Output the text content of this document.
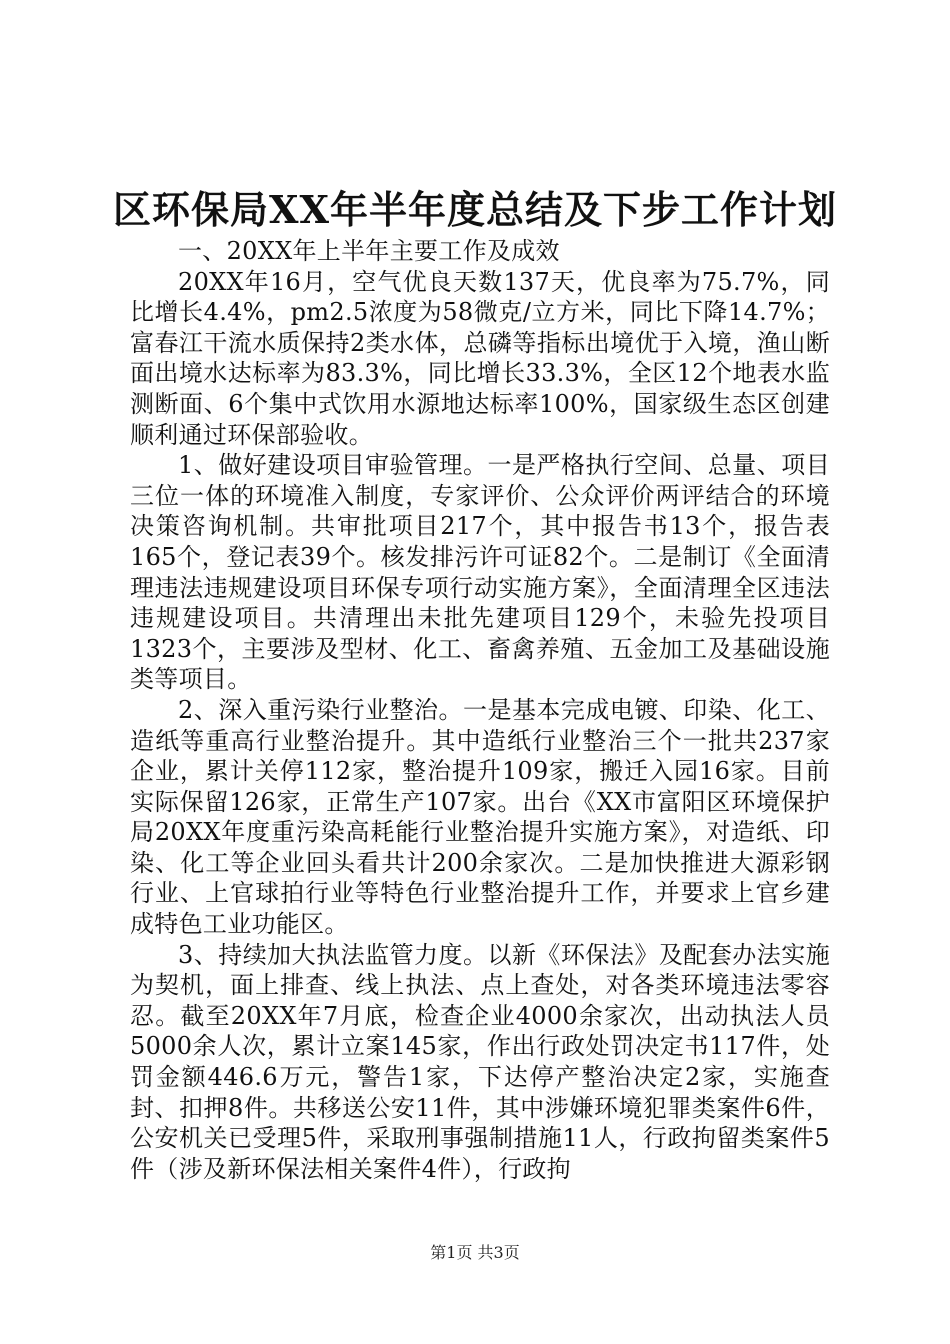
区环保局XX年半年度总结及下步工作计划

一、20XX年上半年主要工作及成效

20XX年16月，空气优良天数137天，优良率为75.7%，同比增长4.4%，pm2.5浓度为58微克/立方米，同比下降14.7%；富春江干流水质保持2类水体，总磷等指标出境优于入境，渔山断面出境水达标率为83.3%，同比增长33.3%，全区12个地表水监测断面、6个集中式饮用水源地达标率100%，国家级生态区创建顺利通过环保部验收。

1、做好建设项目审验管理。一是严格执行空间、总量、项目三位一体的环境准入制度，专家评价、公众评价两评结合的环境决策咨询机制。共审批项目217个，其中报告书13个，报告表165个，登记表39个。核发排污许可证82个。二是制订《全面清理违法违规建设项目环保专项行动实施方案》，全面清理全区违法违规建设项目。共清理出未批先建项目129个，未验先投项目1323个，主要涉及型材、化工、畜禽养殖、五金加工及基础设施类等项目。

2、深入重污染行业整治。一是基本完成电镀、印染、化工、造纸等重高行业整治提升。其中造纸行业整治三个一批共237家企业，累计关停112家，整治提升109家，搬迁入园16家。目前实际保留126家，正常生产107家。出台《XX市富阳区环境保护局20XX年度重污染高耗能行业整治提升实施方案》，对造纸、印染、化工等企业回头看共计200余家次。二是加快推进大源彩钢行业、上官球拍行业等特色行业整治提升工作，并要求上官乡建成特色工业功能区。

3、持续加大执法监管力度。以新《环保法》及配套办法实施为契机，面上排查、线上执法、点上查处，对各类环境违法零容忍。截至20XX年7月底，检查企业4000余家次，出动执法人员5000余人次，累计立案145家，作出行政处罚决定书117件，处罚金额446.6万元，警告1家，下达停产整治决定2家，实施查封、扣押8件。共移送公安11件，其中涉嫌环境犯罪类案件6件，公安机关已受理5件，采取刑事强制措施11人，行政拘留类案件5件（涉及新环保法相关案件4件），行政拘

第1页 共3页
